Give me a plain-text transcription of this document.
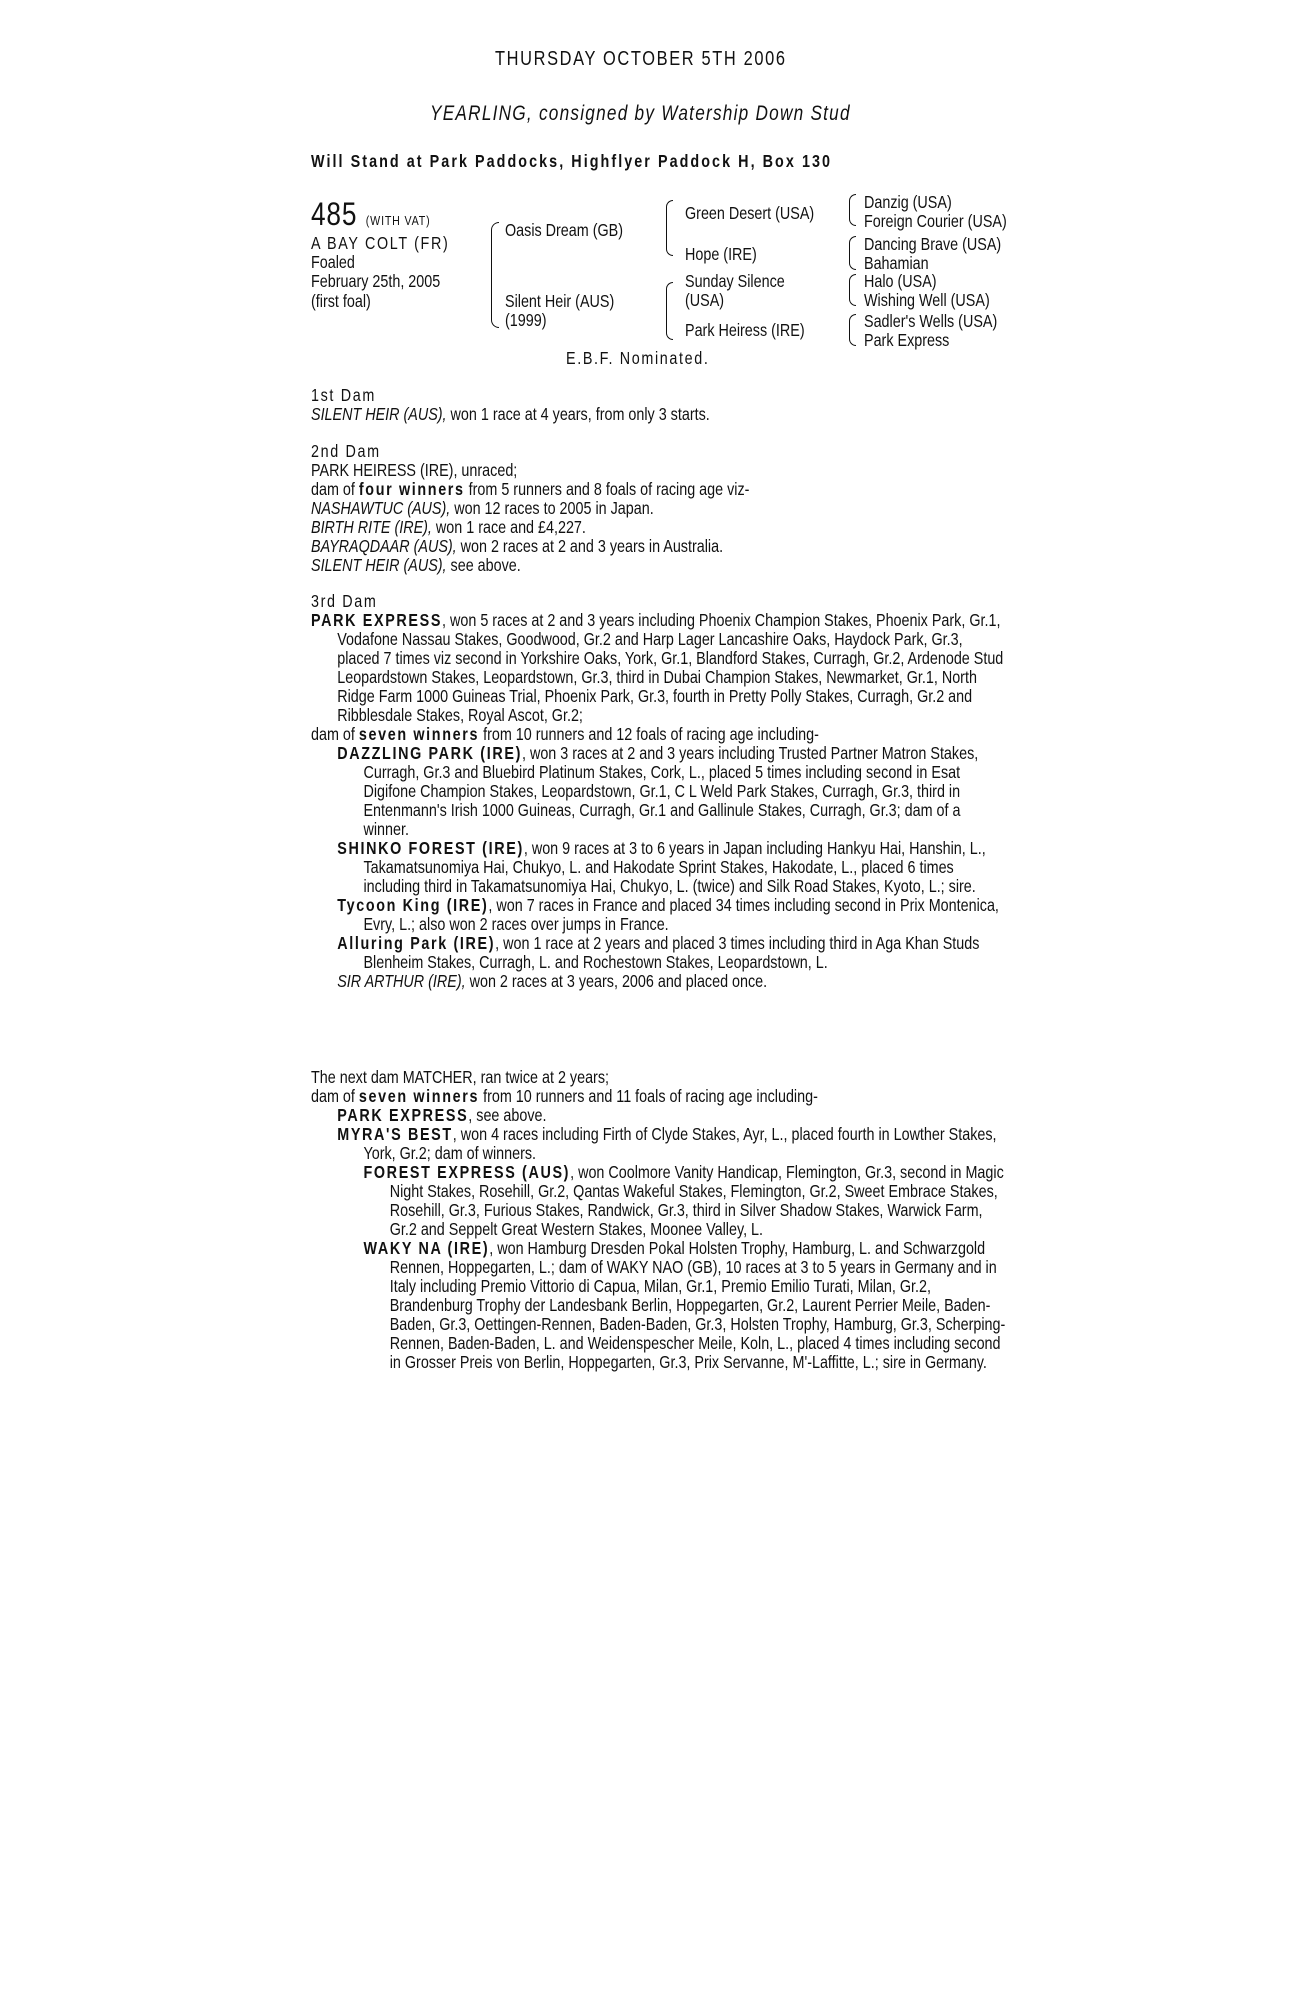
THURSDAY OCTOBER 5TH 2006
YEARLING, consigned by Watership Down Stud
Will Stand at Park Paddocks, Highflyer Paddock H, Box 130
485 (WITH VAT)
A BAY COLT (FR)
Foaled
February 25th, 2005
(first foal)
Oasis Dream (GB)
Silent Heir (AUS)
(1999)
Green Desert (USA)
Hope (IRE)
Sunday Silence
(USA)
Park Heiress (IRE)
Danzig (USA)
Foreign Courier (USA)
Dancing Brave (USA)
Bahamian
Halo (USA)
Wishing Well (USA)
Sadler's Wells (USA)
Park Express
E.B.F. Nominated.

1st Dam

SILENT HEIR (AUS), won 1 race at 4 years, from only 3 starts.

2nd Dam

PARK HEIRESS (IRE), unraced;

dam of four winners from 5 runners and 8 foals of racing age viz-

NASHAWTUC (AUS), won 12 races to 2005 in Japan.

BIRTH RITE (IRE), won 1 race and £4,227.

BAYRAQDAAR (AUS), won 2 races at 2 and 3 years in Australia.

SILENT HEIR (AUS), see above.

3rd Dam

PARK EXPRESS, won 5 races at 2 and 3 years including Phoenix Champion Stakes, Phoenix Park, Gr.1, Vodafone Nassau Stakes, Goodwood, Gr.2 and Harp Lager Lancashire Oaks, Haydock Park, Gr.3, placed 7 times viz second in Yorkshire Oaks, York, Gr.1, Blandford Stakes, Curragh, Gr.2, Ardenode Stud Leopardstown Stakes, Leopardstown, Gr.3, third in Dubai Champion Stakes, Newmarket, Gr.1, North Ridge Farm 1000 Guineas Trial, Phoenix Park, Gr.3, fourth in Pretty Polly Stakes, Curragh, Gr.2 and Ribblesdale Stakes, Royal Ascot, Gr.2;

dam of seven winners from 10 runners and 12 foals of racing age including-

DAZZLING PARK (IRE), won 3 races at 2 and 3 years including Trusted Partner Matron Stakes, Curragh, Gr.3 and Bluebird Platinum Stakes, Cork, L., placed 5 times including second in Esat Digifone Champion Stakes, Leopardstown, Gr.1, C L Weld Park Stakes, Curragh, Gr.3, third in Entenmann's Irish 1000 Guineas, Curragh, Gr.1 and Gallinule Stakes, Curragh, Gr.3; dam of a winner.

SHINKO FOREST (IRE), won 9 races at 3 to 6 years in Japan including Hankyu Hai, Hanshin, L., Takamatsunomiya Hai, Chukyo, L. and Hakodate Sprint Stakes, Hakodate, L., placed 6 times including third in Takamatsunomiya Hai, Chukyo, L. (twice) and Silk Road Stakes, Kyoto, L.; sire.

Tycoon King (IRE), won 7 races in France and placed 34 times including second in Prix Montenica, Evry, L.; also won 2 races over jumps in France.

Alluring Park (IRE), won 1 race at 2 years and placed 3 times including third in Aga Khan Studs Blenheim Stakes, Curragh, L. and Rochestown Stakes, Leopardstown, L.

SIR ARTHUR (IRE), won 2 races at 3 years, 2006 and placed once.

The next dam MATCHER, ran twice at 2 years;

dam of seven winners from 10 runners and 11 foals of racing age including-

PARK EXPRESS, see above.

MYRA'S BEST, won 4 races including Firth of Clyde Stakes, Ayr, L., placed fourth in Lowther Stakes, York, Gr.2; dam of winners.

FOREST EXPRESS (AUS), won Coolmore Vanity Handicap, Flemington, Gr.3, second in Magic Night Stakes, Rosehill, Gr.2, Qantas Wakeful Stakes, Flemington, Gr.2, Sweet Embrace Stakes, Rosehill, Gr.3, Furious Stakes, Randwick, Gr.3, third in Silver Shadow Stakes, Warwick Farm, Gr.2 and Seppelt Great Western Stakes, Moonee Valley, L.

WAKY NA (IRE), won Hamburg Dresden Pokal Holsten Trophy, Hamburg, L. and Schwarzgold Rennen, Hoppegarten, L.; dam of WAKY NAO (GB), 10 races at 3 to 5 years in Germany and in Italy including Premio Vittorio di Capua, Milan, Gr.1, Premio Emilio Turati, Milan, Gr.2, Brandenburg Trophy der Landesbank Berlin, Hoppegarten, Gr.2, Laurent Perrier Meile, Baden-Baden, Gr.3, Oettingen-Rennen, Baden-Baden, Gr.3, Holsten Trophy, Hamburg, Gr.3, Scherping-Rennen, Baden-Baden, L. and Weidenspescher Meile, Koln, L., placed 4 times including second in Grosser Preis von Berlin, Hoppegarten, Gr.3, Prix Servanne, M'-Laffitte, L.; sire in Germany.
